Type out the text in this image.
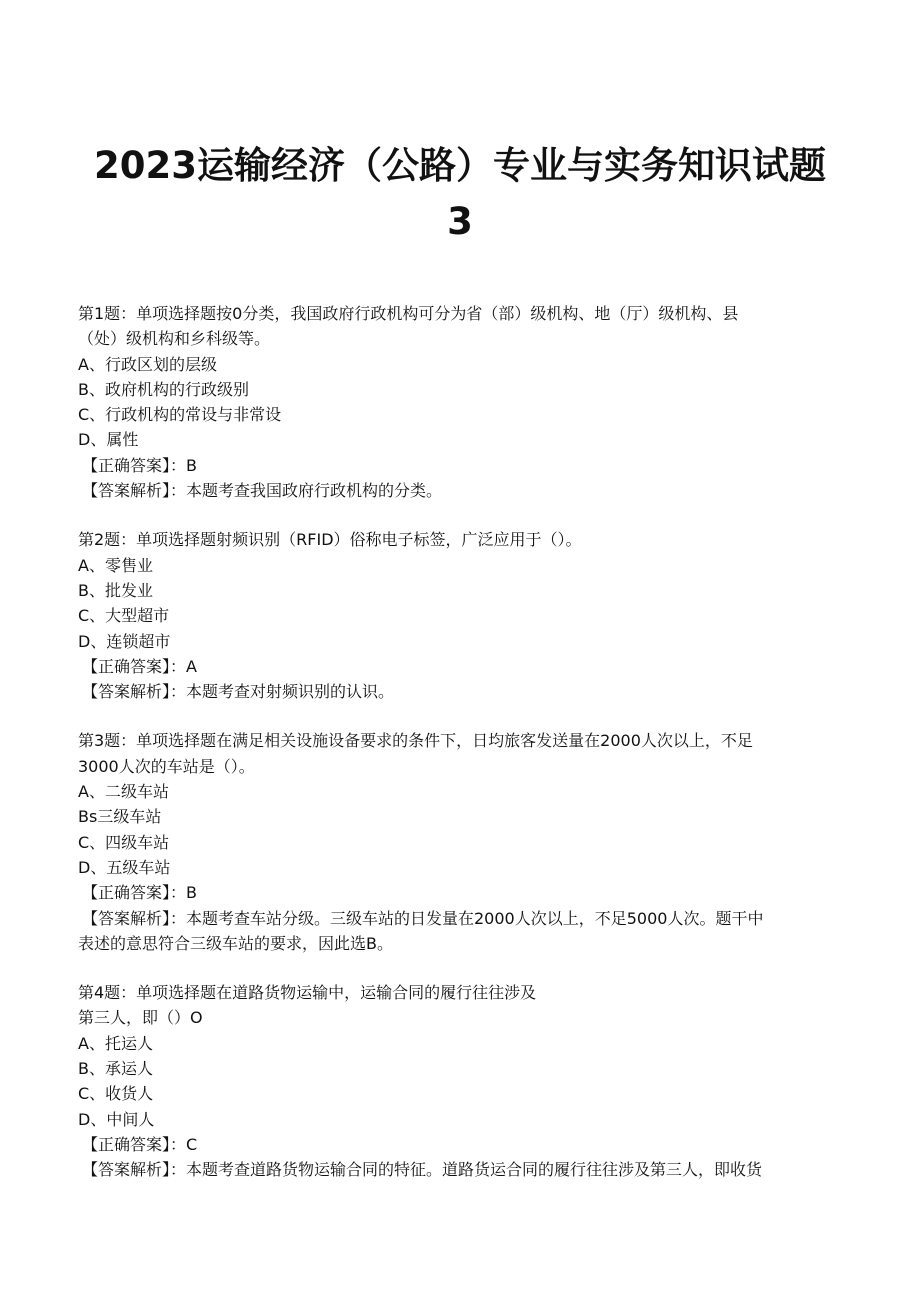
2023运输经济（公路）专业与实务知识试题
3
第1题：单项选择题按0分类，我国政府行政机构可分为省（部）级机构、地（厅）级机构、县
（处）级机构和乡科级等。
A、行政区划的层级
B、政府机构的行政级别
C、行政机构的常设与非常设
D、属性
【正确答案】：B
【答案解析】：本题考查我国政府行政机构的分类。
第2题：单项选择题射频识别（RFID）俗称电子标签，广泛应用于（）。
A、零售业
B、批发业
C、大型超市
D、连锁超市
【正确答案】：A
【答案解析】：本题考查对射频识别的认识。
第3题：单项选择题在满足相关设施设备要求的条件下，日均旅客发送量在2000人次以上，不足
3000人次的车站是（）。
A、二级车站
Bs三级车站
C、四级车站
D、五级车站
【正确答案】：B
【答案解析】：本题考查车站分级。三级车站的日发量在2000人次以上，不足5000人次。题干中
表述的意思符合三级车站的要求，因此选B。
第4题：单项选择题在道路货物运输中，运输合同的履行往往涉及
第三人，即（）O
A、托运人
B、承运人
C、收货人
D、中间人
【正确答案】：C
【答案解析】：本题考查道路货物运输合同的特征。道路货运合同的履行往往涉及第三人，即收货
